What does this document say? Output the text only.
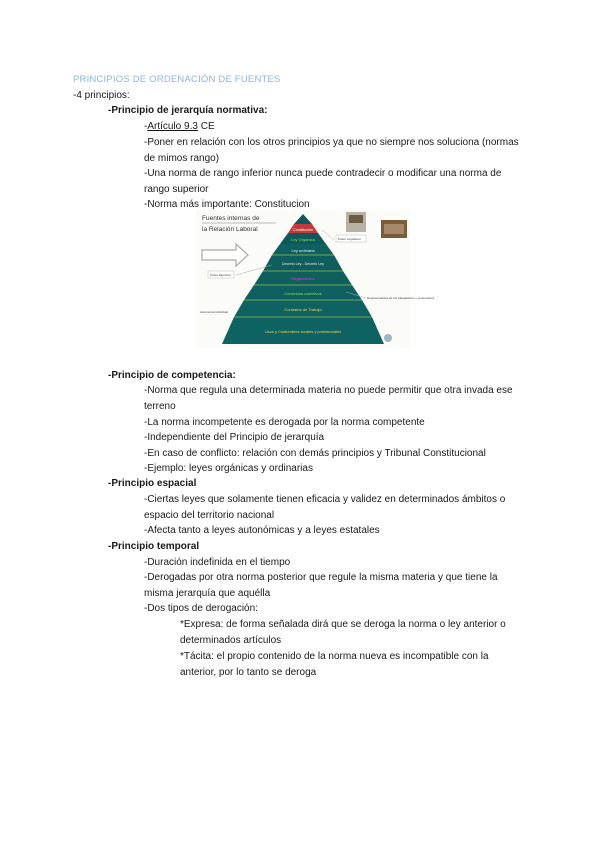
PRINCIPIOS DE ORDENACIÓN DE FUENTES
-4 principios:
-Principio de jerarquía normativa:
-Artículo 9.3 CE
-Poner en relación con los otros principios ya que no siempre nos soluciona (normas de mimos rango)
-Una norma de rango inferior nunca puede contradecir o modificar una norma de rango superior
-Norma más importante: Constitucion
Fuentes internas de
la Relación Laboral	Constitución
Ley Orgánica
Ley ordinaria
Decreto Ley - Decreto Ley
Reglamentos
Convenios colectivos
Contratos de Trabajo
Usos y Costumbres locales y profesionales
Poder Ejecutivo
Autonomía individual
Poder Legislativo
Representantes de los trabajadores y empresarios
-Principio de competencia:
-Norma que regula una determinada materia no puede permitir que otra invada ese terreno
-La norma incompetente es derogada por la norma competente
-Independiente del Principio de jerarquía
-En caso de conflicto: relación con demás principios y Tribunal Constitucional
-Ejemplo: leyes orgánicas y ordinarias
-Principio espacial
-Ciertas leyes que solamente tienen eficacia y validez en determinados ámbitos o espacio del territorio nacional
-Afecta tanto a leyes autonómicas y a leyes estatales
-Principio temporal
-Duración indefinida en el tiempo
-Derogadas por otra norma posterior que regule la misma materia y que tiene la misma jerarquía que aquélla
-Dos tipos de derogación:
*Expresa: de forma señalada dirá que se deroga la norma o ley anterior o determinados artículos
*Tácita: el propio contenido de la norma nueva es incompatible con la anterior, por lo tanto se deroga
